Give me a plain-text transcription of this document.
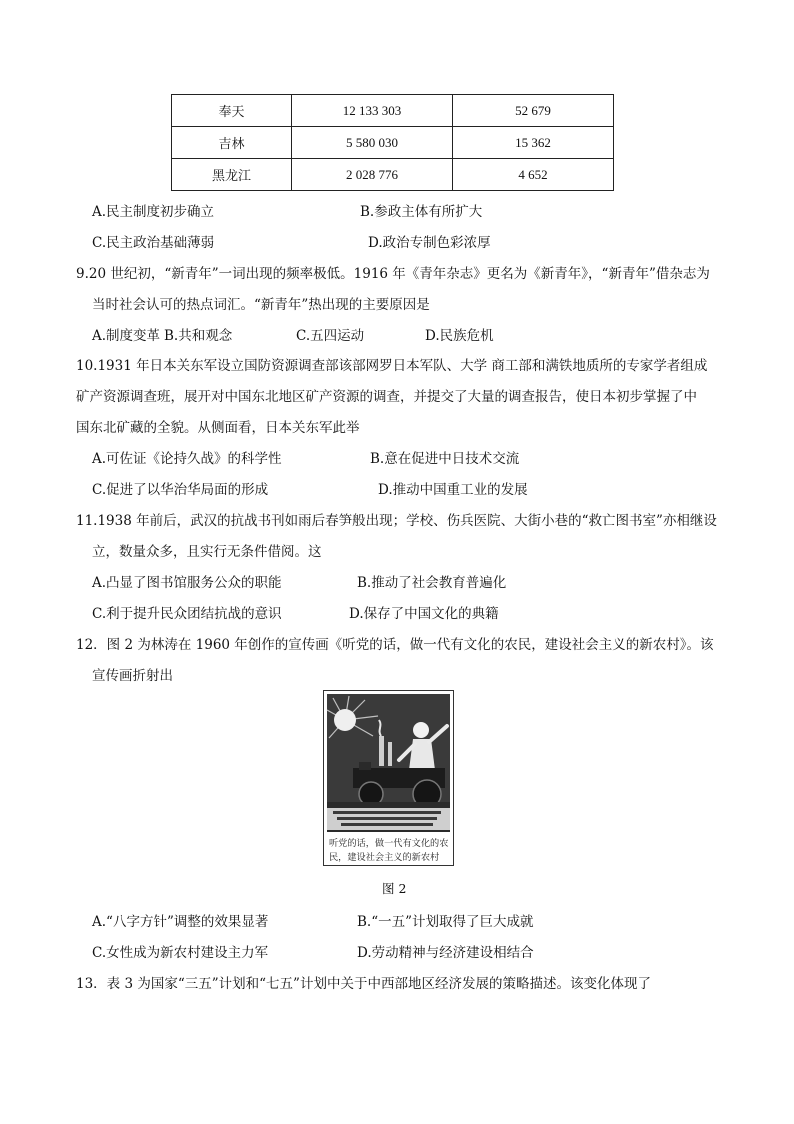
奉天	12 133 303	52 679
吉林	5 580 030	15 362
黑龙江	2 028 776	4 652
A.民主制度初步确立	B.参政主体有所扩大
C.民主政治基础薄弱	D.政治专制色彩浓厚
9.20 世纪初，“新青年”一词出现的频率极低。1916 年《青年杂志》更名为《新青年》，“新青年”借杂志为
当时社会认可的热点词汇。“新青年”热出现的主要原因是
A.制度变革 B.共和观念	C.五四运动	D.民族危机
10.1931 年日本关东军设立国防资源调查部该部网罗日本军队、大学 商工部和满铁地质所的专家学者组成
矿产资源调查班，展开对中国东北地区矿产资源的调查，并提交了大量的调查报告，使日本初步掌握了中
国东北矿藏的全貌。从侧面看，日本关东军此举
A.可佐证《论持久战》的科学性	B.意在促进中日技术交流
C.促进了以华治华局面的形成	D.推动中国重工业的发展
11.1938 年前后，武汉的抗战书刊如雨后春笋般出现；学校、伤兵医院、大街小巷的“救亡图书室”亦相继设
立，数量众多，且实行无条件借阅。这
A.凸显了图书馆服务公众的职能	B.推动了社会教育普遍化
C.利于提升民众团结抗战的意识	D.保存了中国文化的典籍
12．图 2 为林涛在 1960 年创作的宣传画《听党的话，做一代有文化的农民，建设社会主义的新农村》。该
宣传画折射出
听党的话，做一代有文化的农
民，建设社会主义的新农村
图 2
A.“八字方针”调整的效果显著	B.“一五”计划取得了巨大成就
C.女性成为新农村建设主力军	D.劳动精神与经济建设相结合
13．表 3 为国家“三五”计划和“七五”计划中关于中西部地区经济发展的策略描述。该变化体现了
